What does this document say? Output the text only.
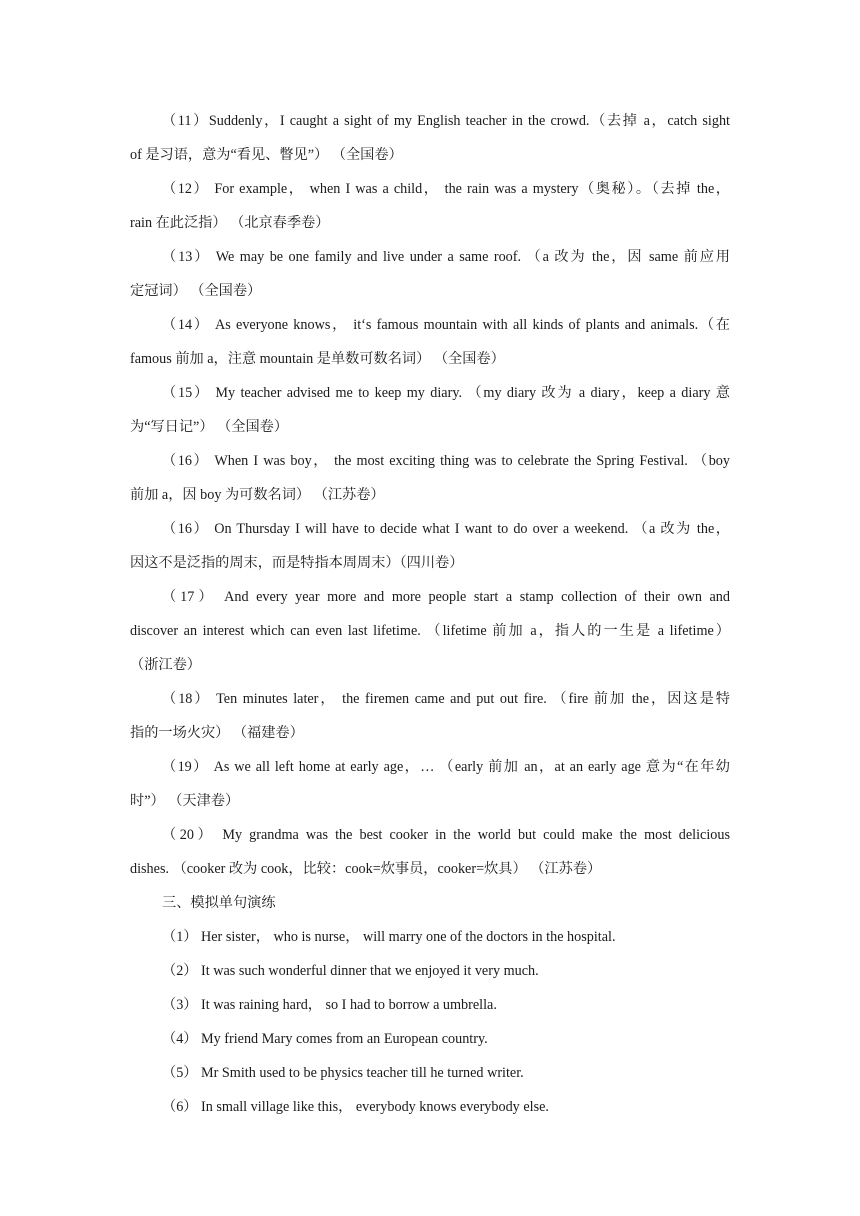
（11）Suddenly，I caught a sight of my English teacher in the crowd.（去掉 a，catch sight
of 是习语，意为“看见、瞥见”） （全国卷）
（12） For example， when I was a child， the rain was a mystery（奥秘）。（去掉 the，
rain 在此泛指） （北京春季卷）
（13） We may be one family and live under a same roof. （a 改为 the，因 same 前应用
定冠词） （全国卷）
（14） As everyone knows， it‘s famous mountain with all kinds of plants and animals.（在
famous 前加 a，注意 mountain 是单数可数名词） （全国卷）
（15） My teacher advised me to keep my diary. （my diary 改为 a diary，keep a diary 意
为“写日记”） （全国卷）
（16） When I was boy， the most exciting thing was to celebrate the Spring Festival. （boy
前加 a，因 boy 为可数名词） （江苏卷）
（16） On Thursday I will have to decide what I want to do over a weekend. （a 改为 the，
因这不是泛指的周末，而是特指本周周末）（四川卷）
（17） And every year more and more people start a stamp collection of their own and
discover an interest which can even last lifetime. （lifetime 前加 a，指人的一生是 a lifetime）
（浙江卷）
（18） Ten minutes later， the firemen came and put out fire. （fire 前加 the，因这是特
指的一场火灾） （福建卷）
（19） As we all left home at early age，… （early 前加 an，at an early age 意为“在年幼
时”） （天津卷）
（20） My grandma was the best cooker in the world but could make the most delicious
dishes. （cooker 改为 cook，比较：cook=炊事员，cooker=炊具） （江苏卷）
三、模拟单句演练
（1） Her sister， who is nurse， will marry one of the doctors in the hospital.
（2） It was such wonderful dinner that we enjoyed it very much.
（3） It was raining hard， so I had to borrow a umbrella.
（4） My friend Mary comes from an European country.
（5） Mr Smith used to be physics teacher till he turned writer.
（6） In small village like this， everybody knows everybody else.
